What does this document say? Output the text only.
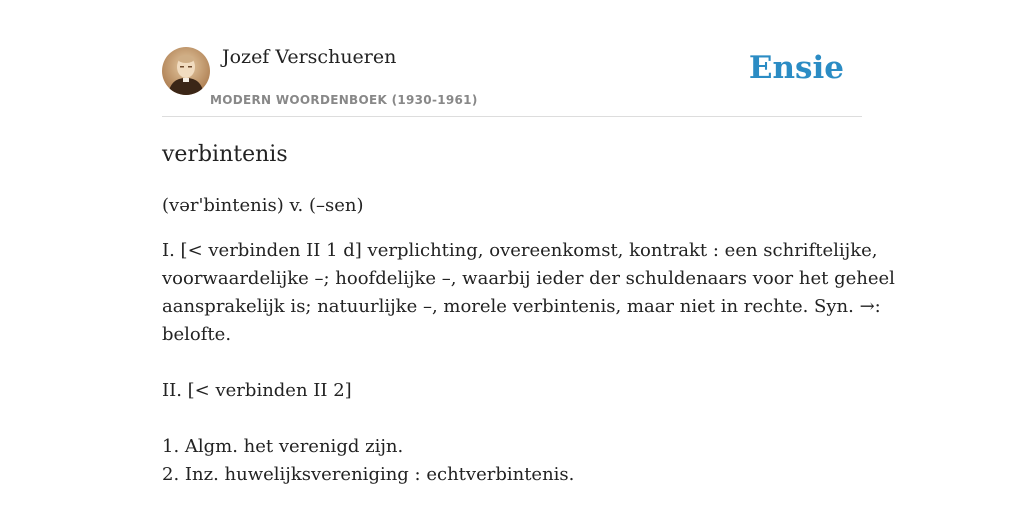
Jozef Verschueren
MODERN WOORDENBOEK (1930-1961)
Ensie
verbintenis

(vər'bintenis) v. (–sen)

I. [< verbinden II 1 d] verplichting, overeenkomst, kontrakt : een schriftelijke,
voorwaardelijke –; hoofdelijke –, waarbij ieder der schuldenaars voor het geheel
aansprakelijk is; natuurlijke –, morele verbintenis, maar niet in rechte. Syn. →:
belofte.
II. [< verbinden II 2]
1. Algm. het verenigd zijn.
2. Inz. huwelijksvereniging : echtverbintenis.
